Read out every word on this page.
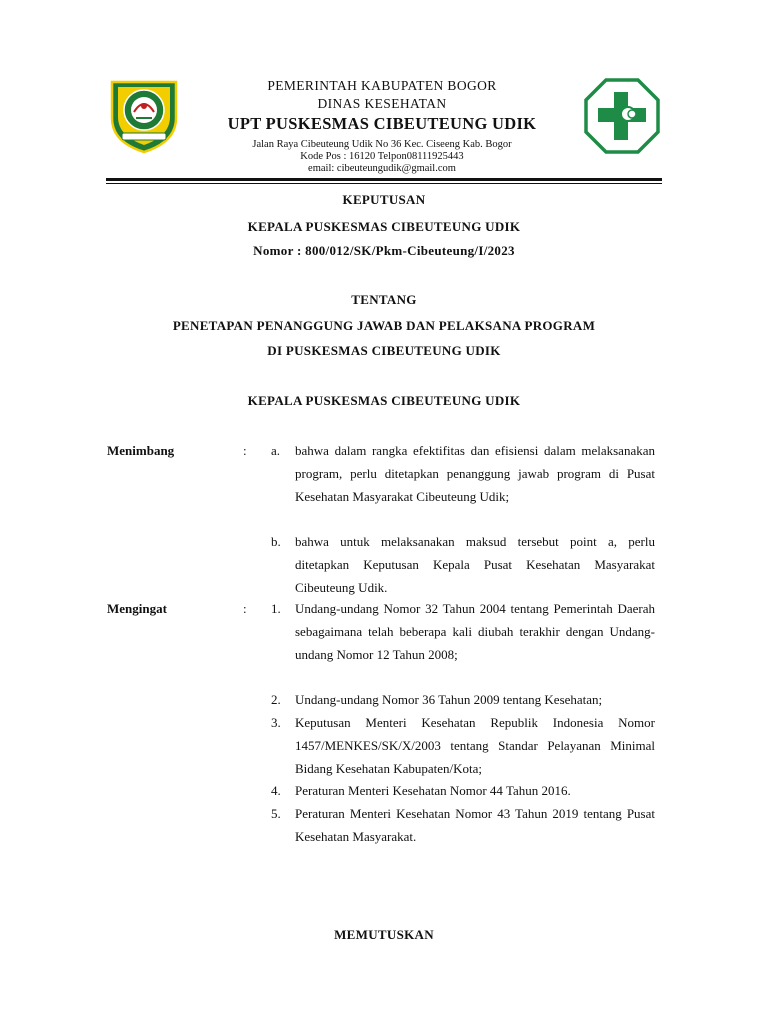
PEMERINTAH KABUPATEN BOGOR
DINAS KESEHATAN
UPT PUSKESMAS CIBEUTEUNG UDIK
Jalan Raya Cibeuteung Udik No 36 Kec. Ciseeng Kab. Bogor
Kode Pos : 16120 Telpon08111925443
email: cibeuteungudik@gmail.com
KEPUTUSAN
KEPALA PUSKESMAS CIBEUTEUNG UDIK
Nomor : 800/012/SK/Pkm-Cibeuteung/I/2023
TENTANG
PENETAPAN PENANGGUNG JAWAB DAN PELAKSANA PROGRAM
DI PUSKESMAS CIBEUTEUNG UDIK
KEPALA PUSKESMAS CIBEUTEUNG UDIK
Menimbang	: a. bahwa dalam rangka efektifitas dan efisiensi dalam melaksanakan program, perlu ditetapkan penanggung jawab program di Pusat Kesehatan Masyarakat Cibeuteung Udik;
b. bahwa untuk melaksanakan maksud tersebut point a, perlu ditetapkan Keputusan Kepala Pusat Kesehatan Masyarakat Cibeuteung Udik.
Mengingat	: 1. Undang-undang Nomor 32 Tahun 2004 tentang Pemerintah Daerah sebagaimana telah beberapa kali diubah terakhir dengan Undang-undang Nomor 12 Tahun 2008;
2. Undang-undang Nomor 36 Tahun 2009 tentang Kesehatan;
3. Keputusan Menteri Kesehatan Republik Indonesia Nomor 1457/MENKES/SK/X/2003 tentang Standar Pelayanan Minimal Bidang Kesehatan Kabupaten/Kota;
4. Peraturan Menteri Kesehatan Nomor 44 Tahun 2016.
5. Peraturan Menteri Kesehatan Nomor 43 Tahun 2019 tentang Pusat Kesehatan Masyarakat.
MEMUTUSKAN
